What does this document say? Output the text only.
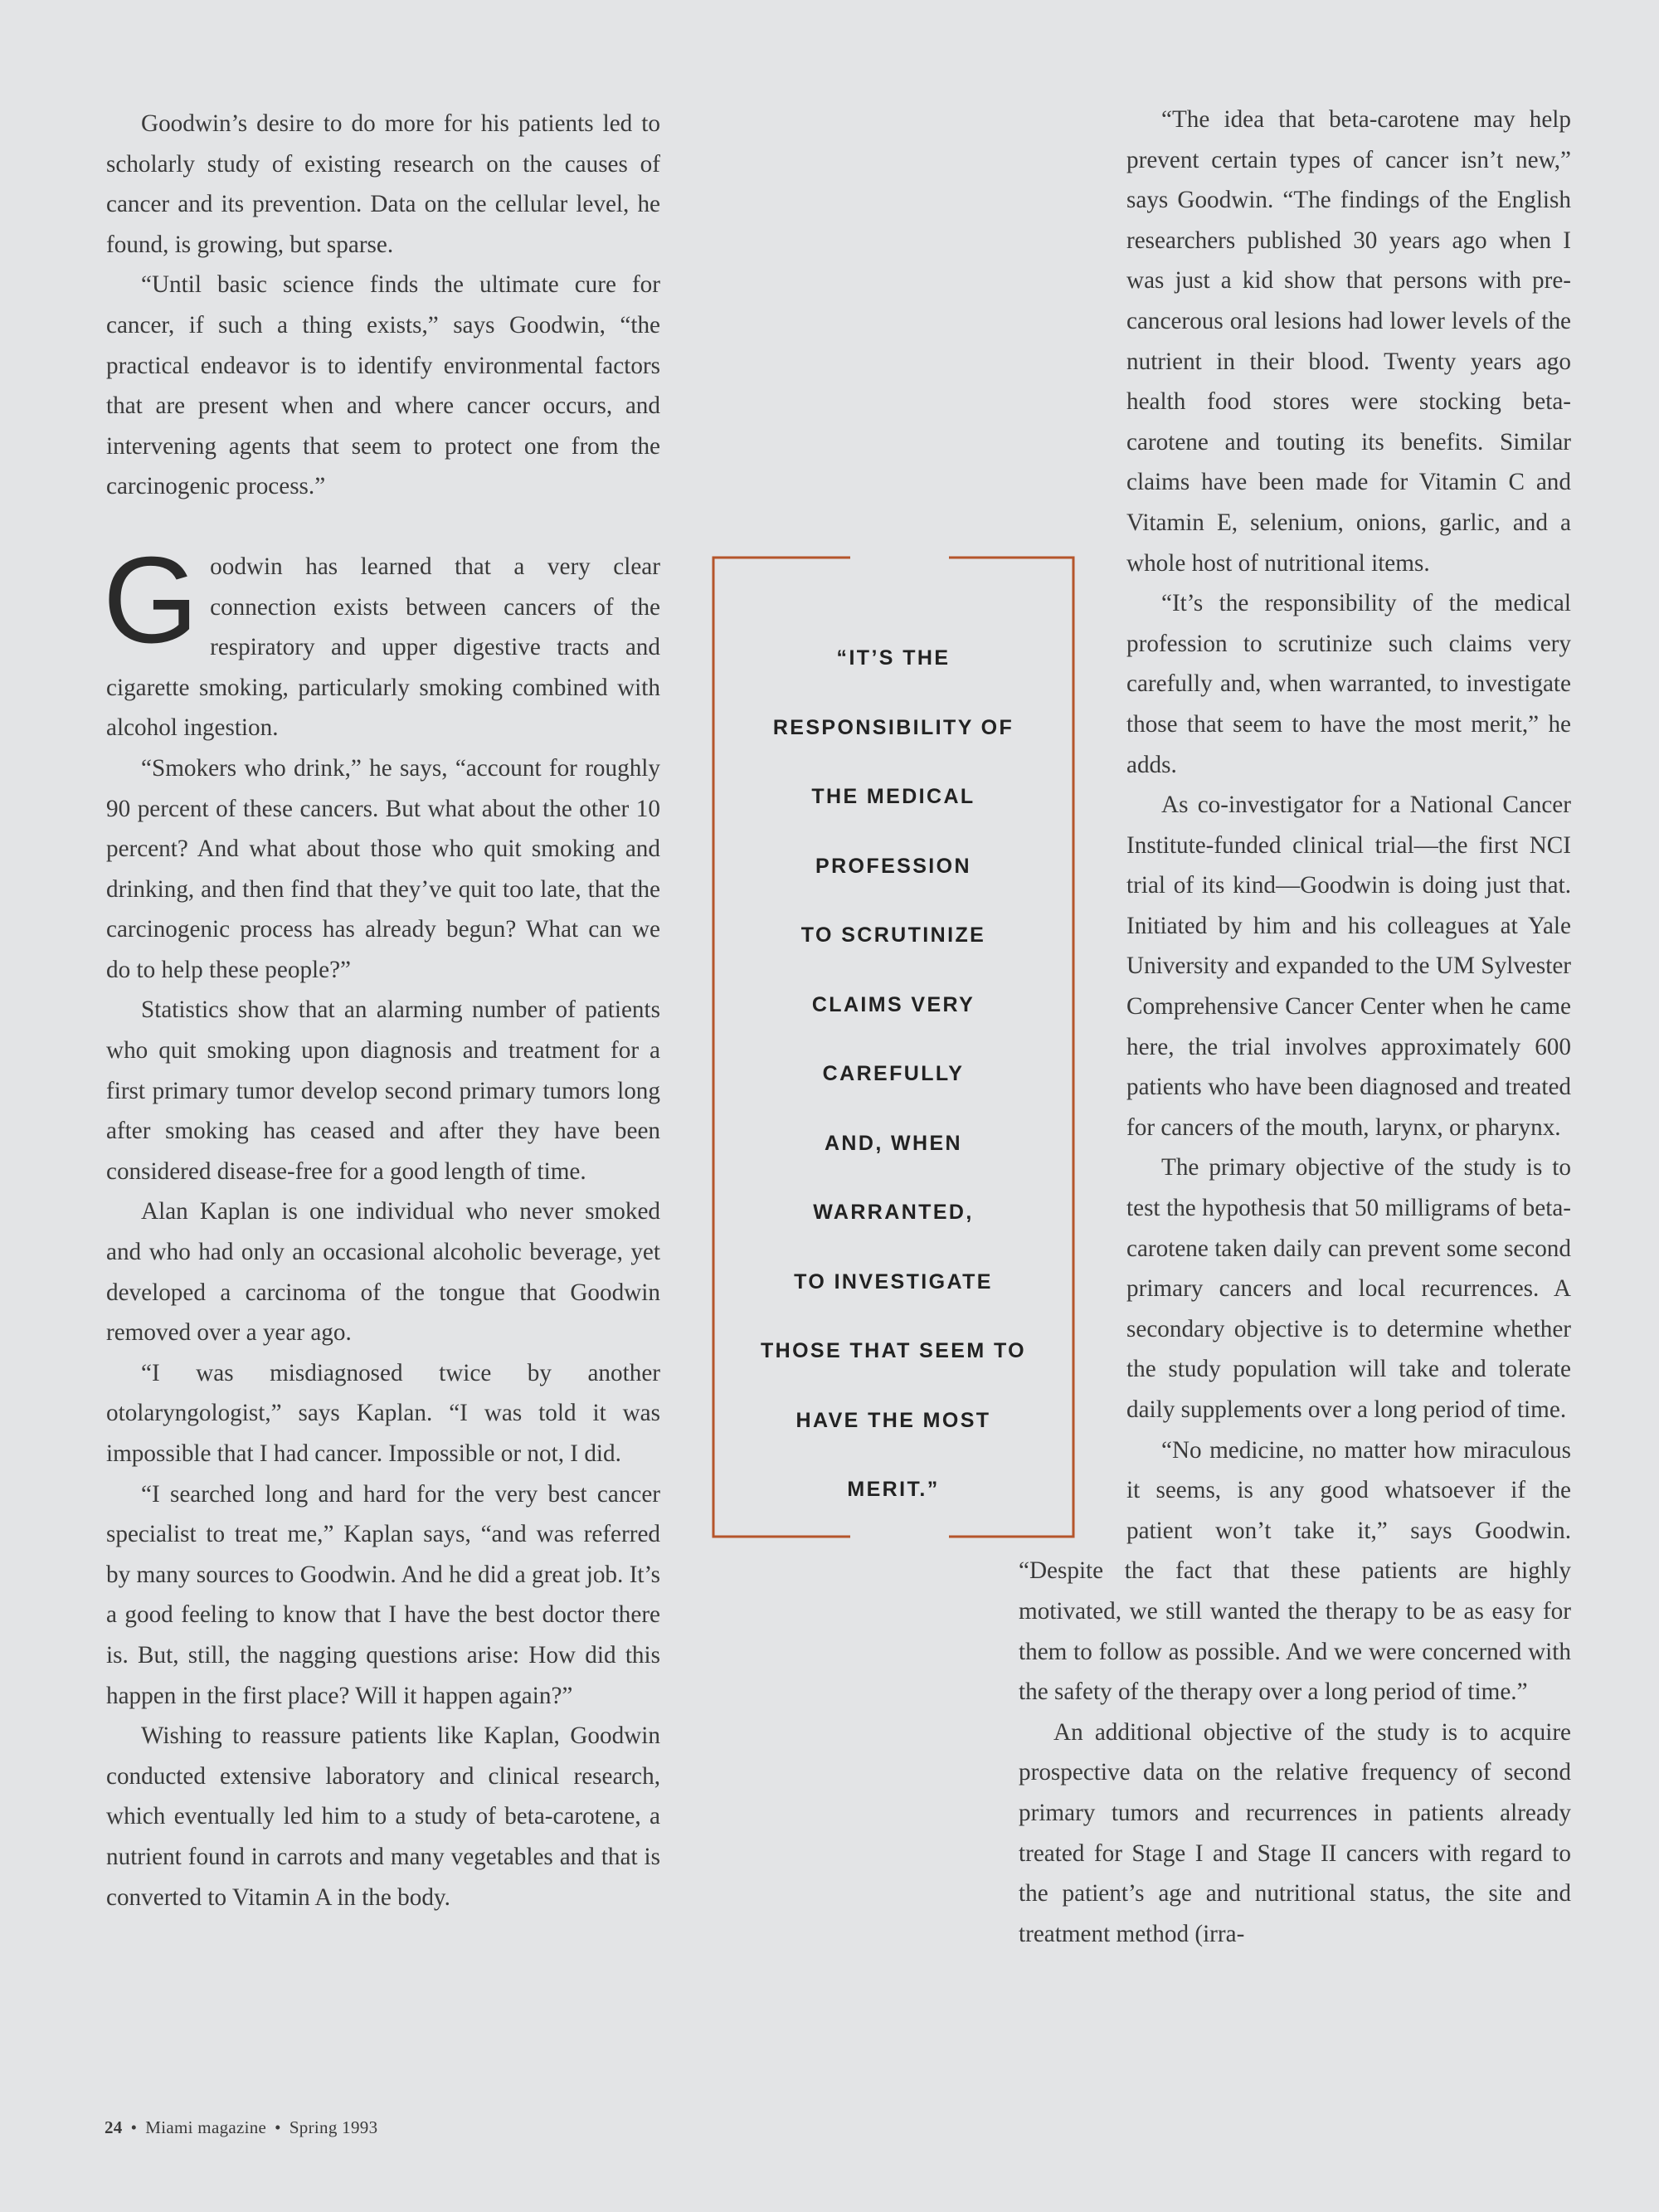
Goodwin’s desire to do more for his patients led to scholarly study of existing research on the causes of cancer and its prevention. Data on the cellular level, he found, is growing, but sparse.

“Until basic science finds the ultimate cure for cancer, if such a thing exists,” says Goodwin, “the practical endeavor is to identify environmental factors that are present when and where cancer occurs, and intervening agents that seem to protect one from the carcinogenic process.”

Goodwin has learned that a very clear connection exists between cancers of the respiratory and upper digestive tracts and cigarette smoking, particularly smoking combined with alcohol ingestion.

“Smokers who drink,” he says, “account for roughly 90 percent of these cancers. But what about the other 10 percent? And what about those who quit smoking and drinking, and then find that they’ve quit too late, that the carcinogenic process has already begun? What can we do to help these people?”

Statistics show that an alarming number of patients who quit smoking upon diagnosis and treatment for a first primary tumor develop second primary tumors long after smoking has ceased and after they have been considered disease-free for a good length of time.

Alan Kaplan is one individual who never smoked and who had only an occasional alcoholic beverage, yet developed a carcinoma of the tongue that Goodwin removed over a year ago.

“I was misdiagnosed twice by another otolaryngologist,” says Kaplan. “I was told it was impossible that I had cancer. Impossible or not, I did.

“I searched long and hard for the very best cancer specialist to treat me,” Kaplan says, “and was referred by many sources to Goodwin. And he did a great job. It’s a good feeling to know that I have the best doctor there is. But, still, the nagging questions arise: How did this happen in the first place? Will it happen again?”

Wishing to reassure patients like Kaplan, Goodwin conducted extensive laboratory and clinical research, which eventually led him to a study of beta-carotene, a nutrient found in carrots and many vegetables and that is converted to Vitamin A in the body.

“The idea that beta-carotene may help prevent certain types of cancer isn’t new,” says Goodwin. “The findings of the English researchers published 30 years ago when I was just a kid show that persons with pre-cancerous oral lesions had lower levels of the nutrient in their blood. Twenty years ago health food stores were stocking beta-carotene and touting its benefits. Similar claims have been made for Vitamin C and Vitamin E, selenium, onions, garlic, and a whole host of nutritional items.

“It’s the responsibility of the medical profession to scrutinize such claims very carefully and, when warranted, to investigate those that seem to have the most merit,” he adds.

As co-investigator for a National Cancer Institute-funded clinical trial—the first NCI trial of its kind—Goodwin is doing just that. Initiated by him and his colleagues at Yale University and expanded to the UM Sylvester Comprehensive Cancer Center when he came here, the trial involves approximately 600 patients who have been diagnosed and treated for cancers of the mouth, larynx, or pharynx.

The primary objective of the study is to test the hypothesis that 50 milligrams of beta-carotene taken daily can prevent some second primary cancers and local recurrences. A secondary objective is to determine whether the study population will take and tolerate daily supplements over a long period of time.

“No medicine, no matter how miraculous it seems, is any good whatsoever if the patient won’t take it,” says Goodwin. “Despite the fact that these patients are highly motivated, we still wanted the therapy to be as easy for them to follow as possible. And we were concerned with the safety of the therapy over a long period of time.”

An additional objective of the study is to acquire prospective data on the relative frequency of second primary tumors and recurrences in patients already treated for Stage I and Stage II cancers with regard to the patient’s age and nutritional status, the site and treatment method (irra-

“IT’S THE
RESPONSIBILITY OF
THE MEDICAL
PROFESSION
TO SCRUTINIZE
CLAIMS VERY
CAREFULLY
AND, WHEN
WARRANTED,
TO INVESTIGATE
THOSE THAT SEEM TO
HAVE THE MOST
MERIT.”
24 • Miami magazine • Spring 1993
